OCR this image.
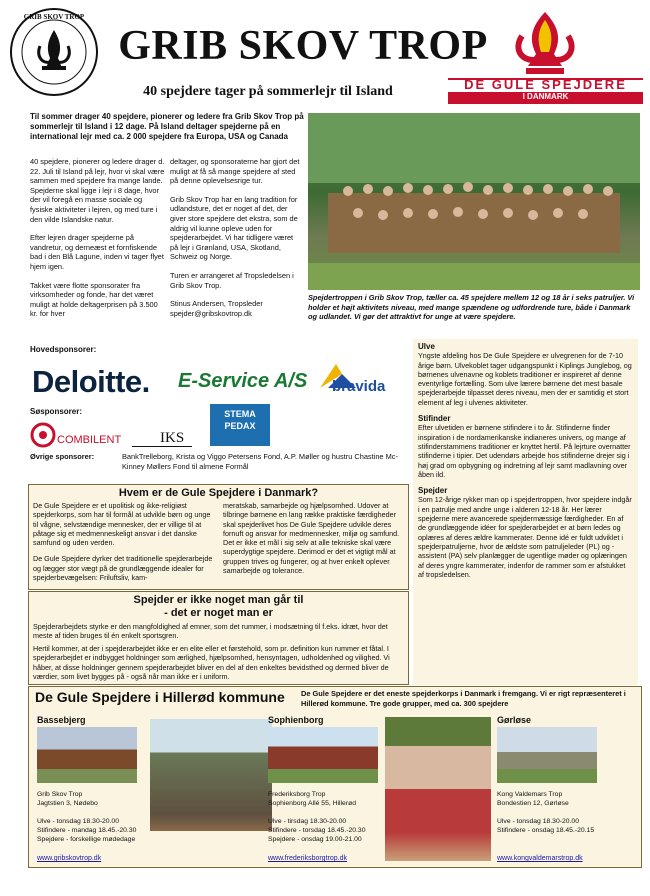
GRIB SKOV TROP
GRIB SKOV TROP
DE GULE SPEJDERE
I DANMARK
40 spejdere tager på sommerlejr til Island
Til sommer drager 40 spejdere, pionerer og ledere fra Grib Skov Trop på sommerlejr til Island i 12 dage. På Island deltager spejderne på en international lejr med ca. 2 000 spejdere fra Europa, USA og Canada

40 spejdere, pionerer og ledere drager d. 22. Juli til Island på lejr, hvor vi skal være sammen med spejdere fra mange lande. Spejderne skal ligge i lejr i 8 dage, hvor der vil foregå en masse sociale og fysiske aktiviteter i lejren, og med ture i den vilde Islandske natur.

Efter lejren drager spejderne på vandretur, og derneæst et fornfiskende bad i den Blå Lagune, inden vi tager flyet hjem igen.

Takket være flotte sponsorater fra virksomheder og fonde, har det været muligt at holde deltagerprisen på 3.500 kr. for hver

deltager, og sponsoraterne har gjort det muligt at få så mange spejdere af sted på denne oplevelsesrige tur.

Grib Skov Trop har en lang tradition for udlandsture, det er noget af det, der giver store spejdere det ekstra, som de aldrig vil kunne opleve uden for spejderarbejdet. Vi har tidligere været på lejr i Grønland, USA, Skotland, Schweiz og Norge.

Turen er arrangeret af Tropsledelsen i Grib Skov Trop.

Stinus Andersen, Tropsleder spejder@gribskovtrop.dk

Spejdertroppen i Grib Skov Trop, tæller ca. 45 spejdere mellem 12 og 18 år i seks patruljer. Vi holder et højt aktivitets niveau, med mange spændene og udfordrende ture, både i Danmark og udlandet. Vi gør det attraktivt for unge at være spejdere.
Hovedsponsorer:
Deloitte. E-Service A/S bravida
Søsponsorer:
COMBILENT	IKS
STEMA PEDAX
Øvrige sponsorer:	BankTrelleborg, Krista og Viggo Petersens Fond, A.P. Møller og hustru Chastine Mc-Kinney Møllers Fond til almene Formål
Hvem er de Gule Spejdere i Danmark?

De Gule Spejdere er et upolitisk og ikke-religiøst spejderkorps, som har til formål at udvikle børn og unge til vågne, selvstændige mennesker, der er villige til at påtage sig et medmenneskeligt ansvar i det danske samfund og uden verden.

De Gule Spejdere dyrker det traditionelle spejderarbejde og lægger stor vægt på de grundlæggende idealer for spejderbevægelsen: Friluftsliv, kam-

meratskab, samarbejde og hjælpsomhed. Udover at tilbringe børnene en lang række praktiske færdigheder skal spejderlivet hos De Gule Spejdere udvikle deres fornuft og ansvar for medmennesker, miljø og samfund. Det er ikke et mål i sig selv at alle tekniske skal være superdygtige spejdere. Derimod er det et vigtigt mål at gruppen trives og fungerer, og at hver enkelt oplever samarbejde og tolerance.
Spejder er ikke noget man går til
- det er noget man er
Spejderarbejdets styrke er den mangfoldighed af emner, som det rummer, i modsætning til f.eks. idræt, hvor det meste af tiden bruges til én enkelt sportsgren.
Hertil kommer, at der i spejderarbejdet ikke er en elite eller et førstehold, som pr. definition kun rummer et fåtal. I spejderarbejdet er indbygget holdninger som ærlighed, hjælpsomhed, hensyntagen, udholdenhed og vilighed. Vi håber, at disse holdninger gennem spejderarbejdet bliver en del af den enkeltes bevidsthed og dermed bliver de værdier, som livet bygges på - også når man ikke er i uniform.
Ulve
Yngste afdeling hos De Gule Spejdere er ulvegrenen for de 7-10 årige børn. Ulvekoblet tager udgangspunkt i Kiplings Junglebog, og børnenes ulvenavne og koblets traditioner er inspireret af denne eventyrlige fortælling. Som ulve lærere børnene det mest basale spejderarbejde tilpasset deres niveau, men der er samtidig et stort element af leg i ulvenes aktiviteter.
Stifinder
Efter ulvetiden er børnene stifindere i to år. Stifinderne finder inspiration i de nordamerikanske indianeres univers, og mange af stifinderstammens traditioner er knyttet hertil. På lejrture overnatter stifinderne i tipier. Det udendørs arbejde hos stifinderne drejer sig i høj grad om opbygning og indretning af lejr samt madlavning over åben ild.
Spejder
Som 12-årige rykker man op i spejdertroppen, hvor spejdere indgår i en patrulje med andre unge i alderen 12-18 år. Her lærer spejderne mere avancerede spejdermæssige færdigheder. En af de grundlæggende idéer for spejderarbejdet er at børn ledes og oplæres af deres ældre kammerater. Denne idé er fuldt udviklet i spejderpatruljerne, hvor de ældste som patruljeleder (PL) og -assistent (PA) selv planlægger de ugentlige møder og oplæringen af deres yngre kammerater, indenfor de rammer som er afstukket af tropsledelsen.
De Gule Spejdere i Hillerød kommune De Gule Spejdere er det eneste spejderkorps i Danmark i fremgang. Vi er rigt repræsenteret i Hillerød kommune. Tre gode grupper, med ca. 300 spejdere
Bassebjerg
Grib Skov Trop
Jagtstien 3, Nødebo
Ulve - tonsdag 18.30-20.00
Stifindere - mandag 18.45.-20.30
Spejdere - forskellige mødedage
www.gribskovtrop.dk
Sophienborg
Frederiksborg Trop
Sophienborg Allé 55, Hillerød
Ulve - tirsdag 18.30-20.00
Stifindere - torsdag 18.45.-20.30
Spejdere - onsdag 19.00-21.00
www.frederiksborgtrop.dk
Gørløse
Kong Valdemars Trop
Bondestien 12, Gørløse
Ulve - tonsdag 18.30-20.00
Stifindere - onsdag 18.45.-20.15
www.kongvaldemarstrop.dk
